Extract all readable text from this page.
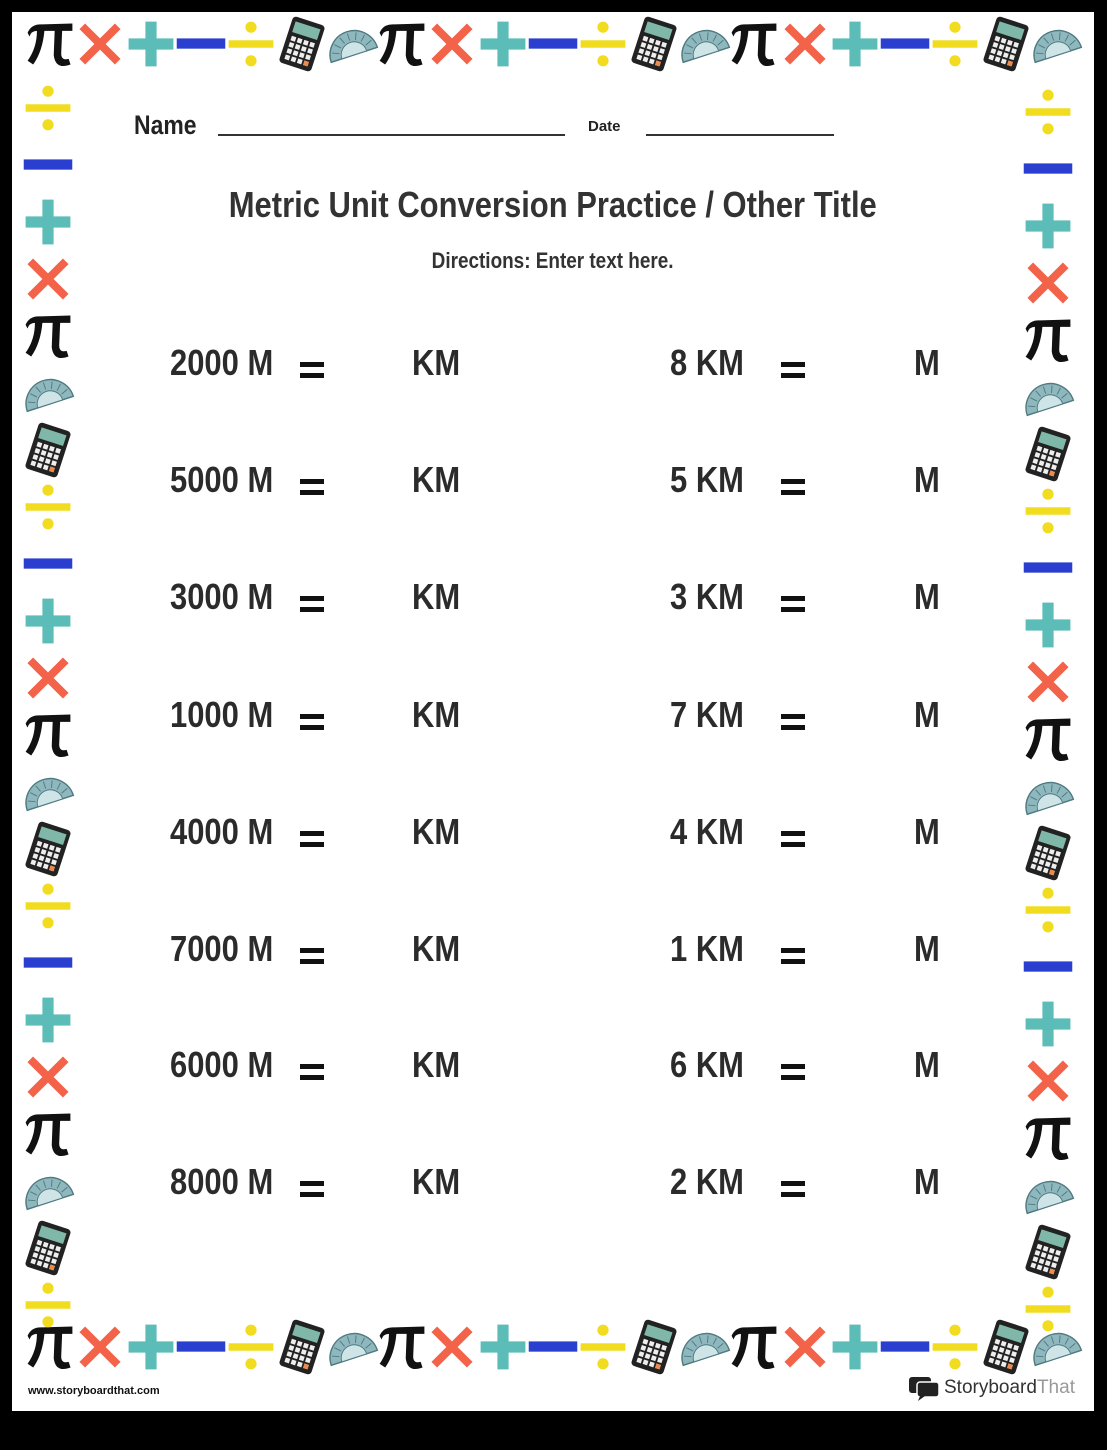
Name	Date
Metric Unit Conversion Practice / Other Title
Directions: Enter text here.
2000 M	KM	8 KM	M
5000 M	KM	5 KM	M
3000 M	KM	3 KM	M
1000 M	KM	7 KM	M
4000 M	KM	4 KM	M
7000 M	KM	1 KM	M
6000 M	KM	6 KM	M
8000 M	KM	2 KM	M
www.storyboardthat.com	StoryboardThat
